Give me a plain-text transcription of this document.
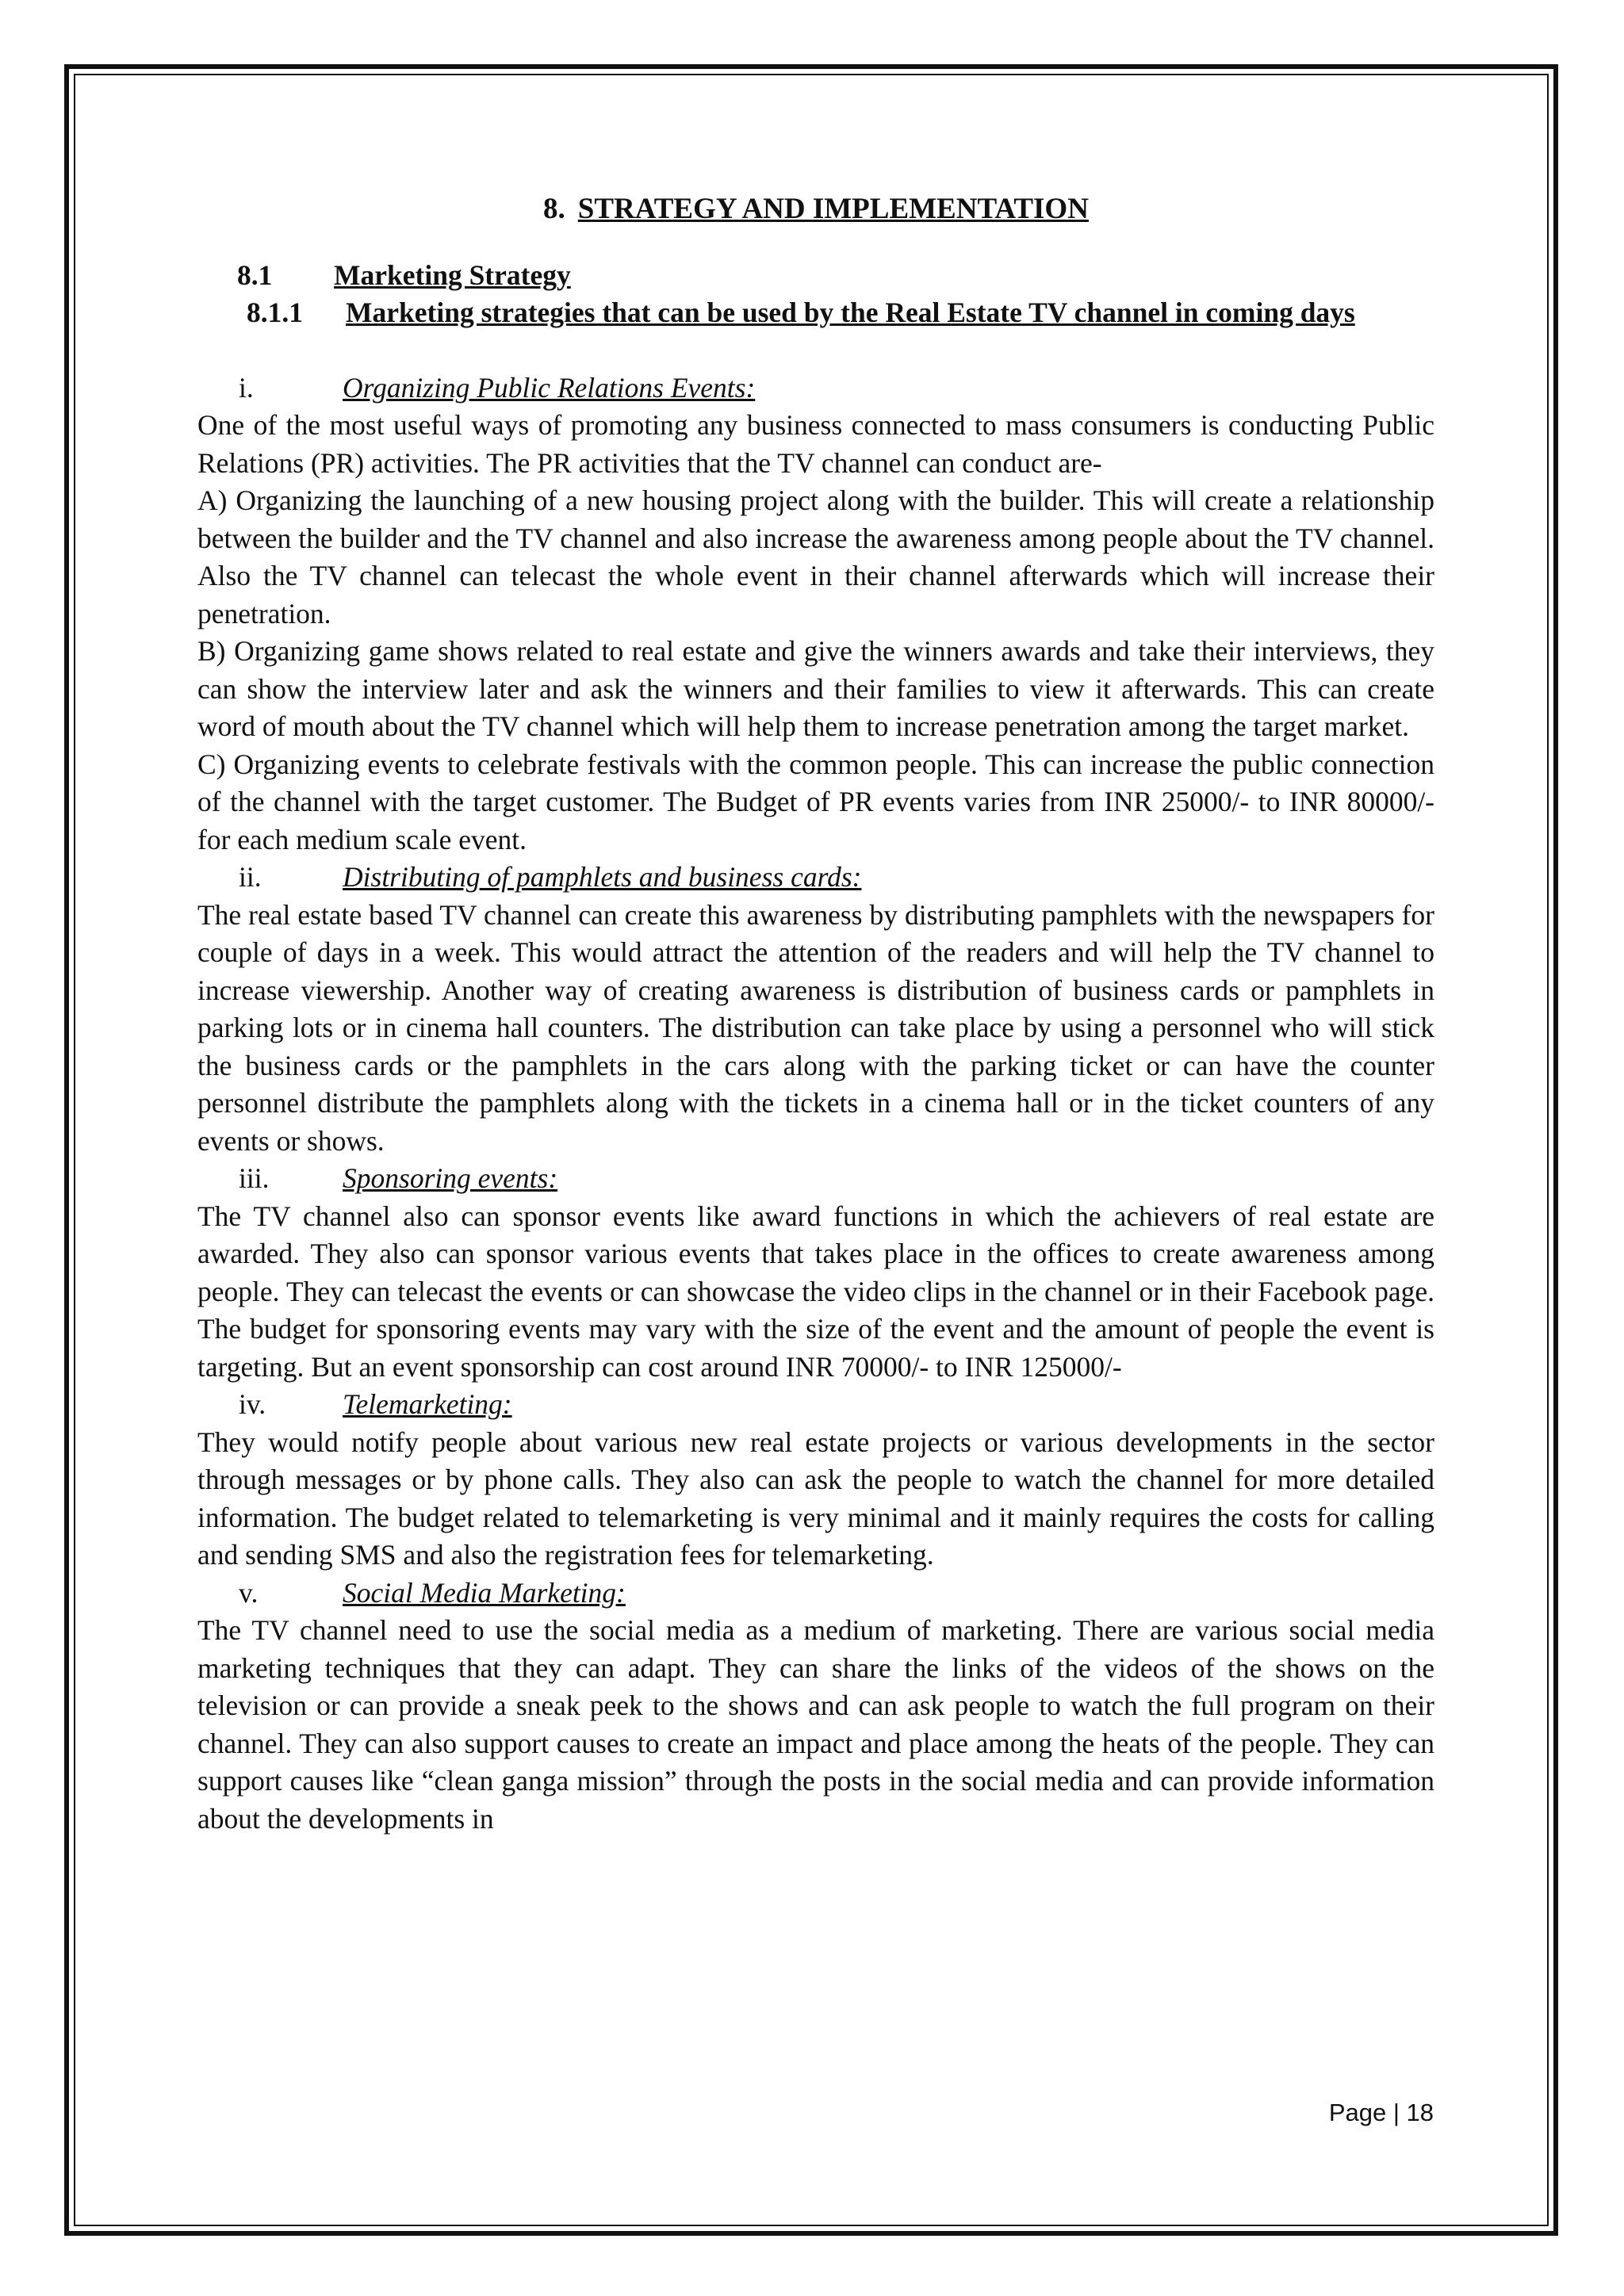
8. STRATEGY AND IMPLEMENTATION
8.1	Marketing Strategy
8.1.1	Marketing strategies that can be used by the Real Estate TV channel in coming days
i.	Organizing Public Relations Events:

One of the most useful ways of promoting any business connected to mass consumers is conducting Public Relations (PR) activities. The PR activities that the TV channel can conduct are-

A) Organizing the launching of a new housing project along with the builder. This will create a relationship between the builder and the TV channel and also increase the awareness among people about the TV channel. Also the TV channel can telecast the whole event in their channel afterwards which will increase their penetration.

B) Organizing game shows related to real estate and give the winners awards and take their interviews, they can show the interview later and ask the winners and their families to view it afterwards. This can create word of mouth about the TV channel which will help them to increase penetration among the target market.

C) Organizing events to celebrate festivals with the common people. This can increase the public connection of the channel with the target customer. The Budget of PR events varies from INR 25000/- to INR 80000/- for each medium scale event.

ii.	Distributing of pamphlets and business cards:

The real estate based TV channel can create this awareness by distributing pamphlets with the newspapers for couple of days in a week. This would attract the attention of the readers and will help the TV channel to increase viewership. Another way of creating awareness is distribution of business cards or pamphlets in parking lots or in cinema hall counters. The distribution can take place by using a personnel who will stick the business cards or the pamphlets in the cars along with the parking ticket or can have the counter personnel distribute the pamphlets along with the tickets in a cinema hall or in the ticket counters of any events or shows.

iii.	Sponsoring events:

The TV channel also can sponsor events like award functions in which the achievers of real estate are awarded. They also can sponsor various events that takes place in the offices to create awareness among people. They can telecast the events or can showcase the video clips in the channel or in their Facebook page. The budget for sponsoring events may vary with the size of the event and the amount of people the event is targeting. But an event sponsorship can cost around INR 70000/- to INR 125000/-

iv.	Telemarketing:

They would notify people about various new real estate projects or various developments in the sector through messages or by phone calls. They also can ask the people to watch the channel for more detailed information. The budget related to telemarketing is very minimal and it mainly requires the costs for calling and sending SMS and also the registration fees for telemarketing.

v.	Social Media Marketing:

The TV channel need to use the social media as a medium of marketing. There are various social media marketing techniques that they can adapt. They can share the links of the videos of the shows on the television or can provide a sneak peek to the shows and can ask people to watch the full program on their channel. They can also support causes to create an impact and place among the heats of the people. They can support causes like “clean ganga mission” through the posts in the social media and can provide information about the developments in

Page | 18
